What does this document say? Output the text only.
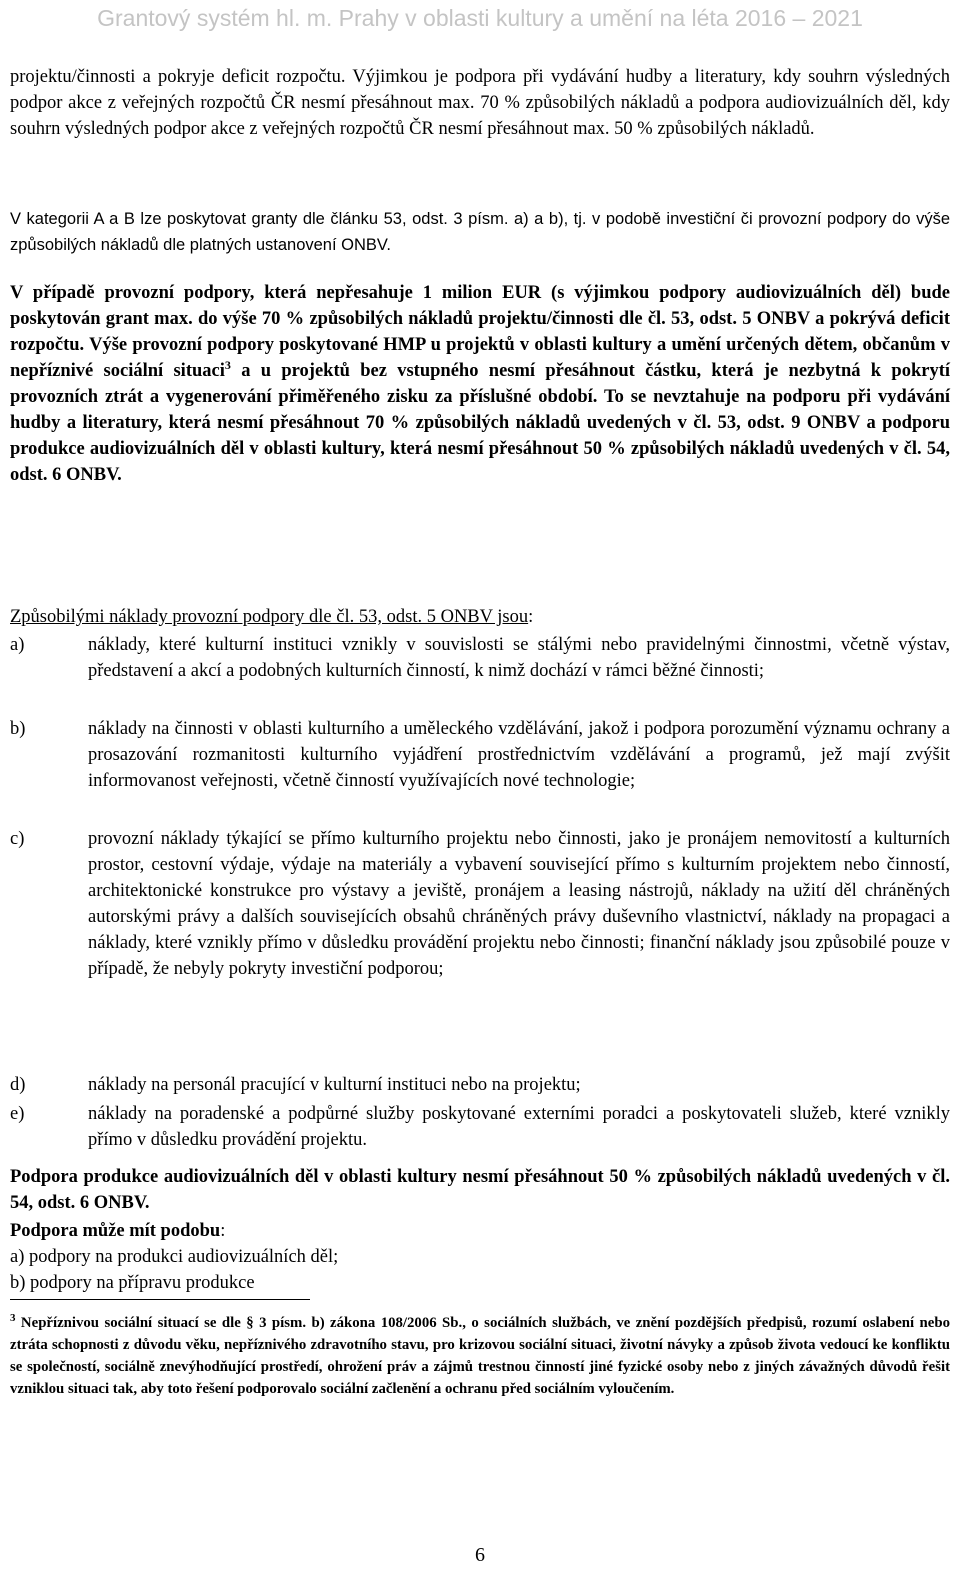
Grantový systém hl. m. Prahy v oblasti kultury a umění na léta 2016 – 2021
projektu/činnosti a pokryje deficit rozpočtu. Výjimkou je podpora při vydávání hudby a literatury, kdy souhrn výsledných podpor akce z veřejných rozpočtů ČR nesmí přesáhnout max. 70 % způsobilých nákladů a podpora audiovizuálních děl, kdy souhrn výsledných podpor akce z veřejných rozpočtů ČR nesmí přesáhnout max. 50 % způsobilých nákladů.
V kategorii A a B lze poskytovat granty dle článku 53, odst. 3 písm. a) a b), tj. v podobě investiční či provozní podpory do výše způsobilých nákladů dle platných ustanovení ONBV.
V případě provozní podpory, která nepřesahuje 1 milion EUR (s výjimkou podpory audiovizuálních děl) bude poskytován grant max. do výše 70 % způsobilých nákladů projektu/činnosti dle čl. 53, odst. 5 ONBV a pokrývá deficit rozpočtu. Výše provozní podpory poskytované HMP u projektů v oblasti kultury a umění určených dětem, občanům v nepříznivé sociální situaci$^3$ a u projektů bez vstupného nesmí přesáhnout částku, která je nezbytná k pokrytí provozních ztrát a vygenerování přiměřeného zisku za příslušné období. To se nevztahuje na podporu při vydávání hudby a literatury, která nesmí přesáhnout 70 % způsobilých nákladů uvedených v čl. 53, odst. 9 ONBV a podporu produkce audiovizuálních děl v oblasti kultury, která nesmí přesáhnout 50 % způsobilých nákladů uvedených v čl. 54, odst. 6 ONBV.
Způsobilými náklady provozní podpory dle čl. 53, odst. 5 ONBV jsou:
a)	náklady, které kulturní instituci vznikly v souvislosti se stálými nebo pravidelnými činnostmi, včetně výstav, představení a akcí a podobných kulturních činností, k nimž dochází v rámci běžné činnosti;
b)	náklady na činnosti v oblasti kulturního a uměleckého vzdělávání, jakož i podpora porozumění významu ochrany a prosazování rozmanitosti kulturního vyjádření prostřednictvím vzdělávání a programů, jež mají zvýšit informovanost veřejnosti, včetně činností využívajících nové technologie;
c)	provozní náklady týkající se přímo kulturního projektu nebo činnosti, jako je pronájem nemovitostí a kulturních prostor, cestovní výdaje, výdaje na materiály a vybavení související přímo s kulturním projektem nebo činností, architektonické konstrukce pro výstavy a jeviště, pronájem a leasing nástrojů, náklady na užití děl chráněných autorskými právy a dalších souvisejících obsahů chráněných právy duševního vlastnictví, náklady na propagaci a náklady, které vznikly přímo v důsledku provádění projektu nebo činnosti; finanční náklady jsou způsobilé pouze v případě, že nebyly pokryty investiční podporou;
d)	náklady na personál pracující v kulturní instituci nebo na projektu;
e)	náklady na poradenské a podpůrné služby poskytované externími poradci a poskytovateli služeb, které vznikly přímo v důsledku provádění projektu.
Podpora produkce audiovizuálních děl v oblasti kultury nesmí přesáhnout 50 % způsobilých nákladů uvedených v čl. 54, odst. 6 ONBV.
Podpora může mít podobu:
a) podpory na produkci audiovizuálních děl;
b) podpory na přípravu produkce
$^3$ Nepříznivou sociální situací se dle § 3 písm. b) zákona 108/2006 Sb., o sociálních službách, ve znění pozdějších předpisů, rozumí oslabení nebo ztráta schopnosti z důvodu věku, nepříznivého zdravotního stavu, pro krizovou sociální situaci, životní návyky a způsob života vedoucí ke konfliktu se společností, sociálně znevýhodňující prostředí, ohrožení práv a zájmů trestnou činností jiné fyzické osoby nebo z jiných závažných důvodů řešit vzniklou situaci tak, aby toto řešení podporovalo sociální začlenění a ochranu před sociálním vyloučením.
6
